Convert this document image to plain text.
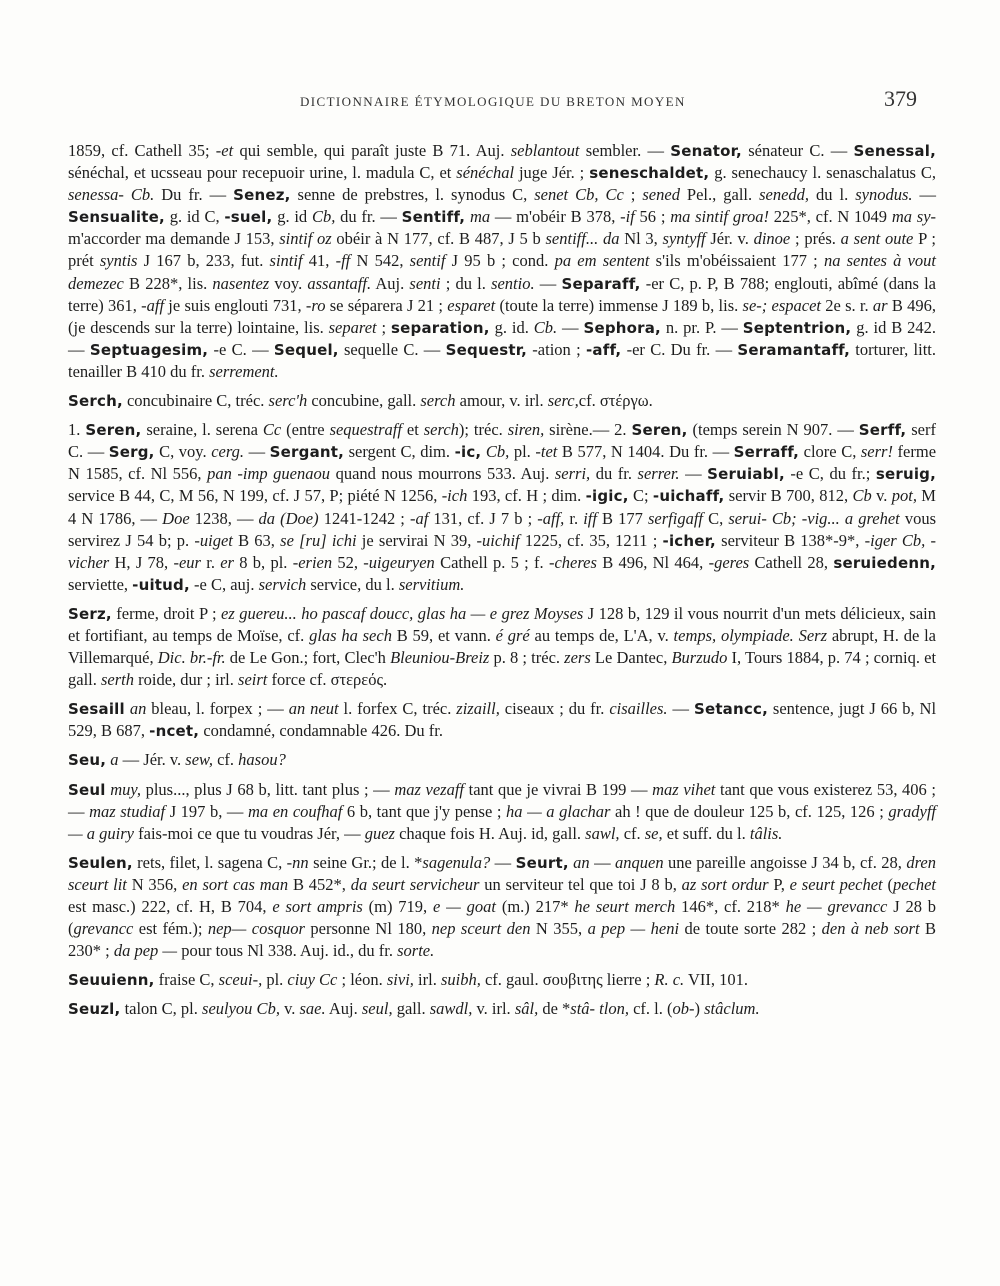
DICTIONNAIRE ÉTYMOLOGIQUE DU BRETON MOYEN	379

1859, cf. Cathell 35; -et qui semble, qui paraît juste B 71. Auj. seblantout sembler. — Senator, sénateur C. — Senessal, sénéchal, et ucsseau pour recepuoir urine, l. madula C, et sénéchal juge Jér. ; seneschaldet, g. senechaucy l. senaschalatus C, senessa- Cb. Du fr. — Senez, senne de prebstres, l. synodus C, senet Cb, Cc ; sened Pel., gall. senedd, du l. synodus. — Sensualite, g. id C, -suel, g. id Cb, du fr. — Sentiff, ma — m'obéir B 378, -if 56 ; ma sintif groa! 225*, cf. N 1049 ma sy- m'accorder ma demande J 153, sintif oz obéir à N 177, cf. B 487, J 5 b sentiff... da Nl 3, syntyff Jér. v. dinoe ; prés. a sent oute P ; prét syntis J 167 b, 233, fut. sintif 41, -ff N 542, sentif J 95 b ; cond. pa em sentent s'ils m'obéissaient 177 ; na sentes à vout demezec B 228*, lis. nasentez voy. assantaff. Auj. senti ; du l. sentio. — Separaff, -er C, p. P, B 788; englouti, abîmé (dans la terre) 361, -aff je suis englouti 731, -ro se séparera J 21 ; esparet (toute la terre) immense J 189 b, lis. se-; espacet 2e s. r. ar B 496, (je descends sur la terre) lointaine, lis. separet ; separation, g. id. Cb. — Sephora, n. pr. P. — Septentrion, g. id B 242. — Septuagesim, -e C. — Sequel, sequelle C. — Sequestr, -ation ; -aff, -er C. Du fr. — Seramantaff, torturer, litt. tenailler B 410 du fr. serrement.

Serch, concubinaire C, tréc. serc'h concubine, gall. serch amour, v. irl. serc,cf. στέργω.

1. Seren, seraine, l. serena Cc (entre sequestraff et serch); tréc. siren, sirène.— 2. Seren, (temps serein N 907. — Serff, serf C. — Serg, C, voy. cerg. — Sergant, sergent C, dim. -ic, Cb, pl. -tet B 577, N 1404. Du fr. — Serraff, clore C, serr! ferme N 1585, cf. Nl 556, pan -imp guenaou quand nous mourrons 533. Auj. serri, du fr. serrer. — Seruiabl, -e C, du fr.; seruig, service B 44, C, M 56, N 199, cf. J 57, P; piété N 1256, -ich 193, cf. H ; dim. -igic, C; -uichaff, servir B 700, 812, Cb v. pot, M 4 N 1786, — Doe 1238, — da (Doe) 1241-1242 ; -af 131, cf. J 7 b ; -aff, r. iff B 177 serfigaff C, serui- Cb; -vig... a grehet vous servirez J 54 b; p. -uiget B 63, se [ru] ichi je servirai N 39, -uichif 1225, cf. 35, 1211 ; -icher, serviteur B 138*-9*, -iger Cb, -vicher H, J 78, -eur r. er 8 b, pl. -erien 52, -uigeuryen Cathell p. 5 ; f. -cheres B 496, Nl 464, -geres Cathell 28, seruiedenn, serviette, -uitud, -e C, auj. servich service, du l. servitium.

Serz, ferme, droit P ; ez guereu... ho pascaf doucc, glas ha — e grez Moyses J 128 b, 129 il vous nourrit d'un mets délicieux, sain et fortifiant, au temps de Moïse, cf. glas ha sech B 59, et vann. é gré au temps de, L'A, v. temps, olympiade. Serz abrupt, H. de la Villemarqué, Dic. br.-fr. de Le Gon.; fort, Clec'h Bleuniou-Breiz p. 8 ; tréc. zers Le Dantec, Burzudo I, Tours 1884, p. 74 ; corniq. et gall. serth roide, dur ; irl. seirt force cf. στερεός.

Sesaill an bleau, l. forpex ; — an neut l. forfex C, tréc. zizaill, ciseaux ; du fr. cisailles. — Setancc, sentence, jugt J 66 b, Nl 529, B 687, -ncet, condamné, condamnable 426. Du fr.

Seu, a — Jér. v. sew, cf. hasou?

Seul muy, plus..., plus J 68 b, litt. tant plus ; — maz vezaff tant que je vivrai B 199 — maz vihet tant que vous existerez 53, 406 ; — maz studiaf J 197 b, — ma en coufhaf 6 b, tant que j'y pense ; ha — a glachar ah ! que de douleur 125 b, cf. 125, 126 ; gradyff — a guiry fais-moi ce que tu voudras Jér, — guez chaque fois H. Auj. id, gall. sawl, cf. se, et suff. du l. tâlis.

Seulen, rets, filet, l. sagena C, -nn seine Gr.; de l. *sagenula? — Seurt, an — anquen une pareille angoisse J 34 b, cf. 28, dren sceurt lit N 356, en sort cas man B 452*, da seurt servicheur un serviteur tel que toi J 8 b, az sort ordur P, e seurt pechet (pechet est masc.) 222, cf. H, B 704, e sort ampris (m) 719, e — goat (m.) 217* he seurt merch 146*, cf. 218* he — grevancc J 28 b (grevancc est fém.); nep— cosquor personne Nl 180, nep sceurt den N 355, a pep — heni de toute sorte 282 ; den à neb sort B 230* ; da pep — pour tous Nl 338. Auj. id., du fr. sorte.

Seuuienn, fraise C, sceui-, pl. ciuy Cc ; léon. sivi, irl. suibh, cf. gaul. σουβιτης lierre ; R. c. VII, 101.

Seuzl, talon C, pl. seulyou Cb, v. sae. Auj. seul, gall. sawdl, v. irl. sâl, de *stâ- tlon, cf. l. (ob-) stâclum.
